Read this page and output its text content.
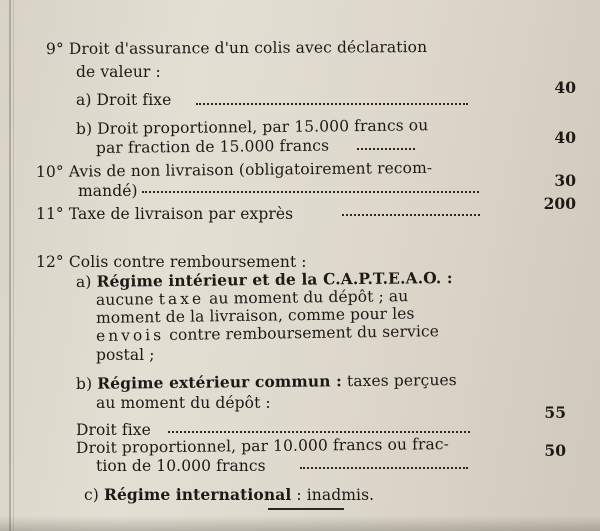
9° Droit d'assurance d'un colis avec déclaration
de valeur :
a) Droit fixe
40
b) Droit proportionnel, par 15.000 francs ou
par fraction de 15.000 francs	40
10° Avis de non livraison (obligatoirement recom-
mandé)
30
11° Taxe de livraison par exprès
200
12° Colis contre remboursement :
a) Régime intérieur et de la C.A.P.T.E.A.O. :
aucune taxe au moment du dépôt ; au
moment de la livraison, comme pour les
envois contre remboursement du service
postal ;
b) Régime extérieur commun : taxes perçues
au moment du dépôt :
Droit fixe
55
Droit proportionnel, par 10.000 francs ou frac-
tion de 10.000 francs
50
c) Régime international : inadmis.
